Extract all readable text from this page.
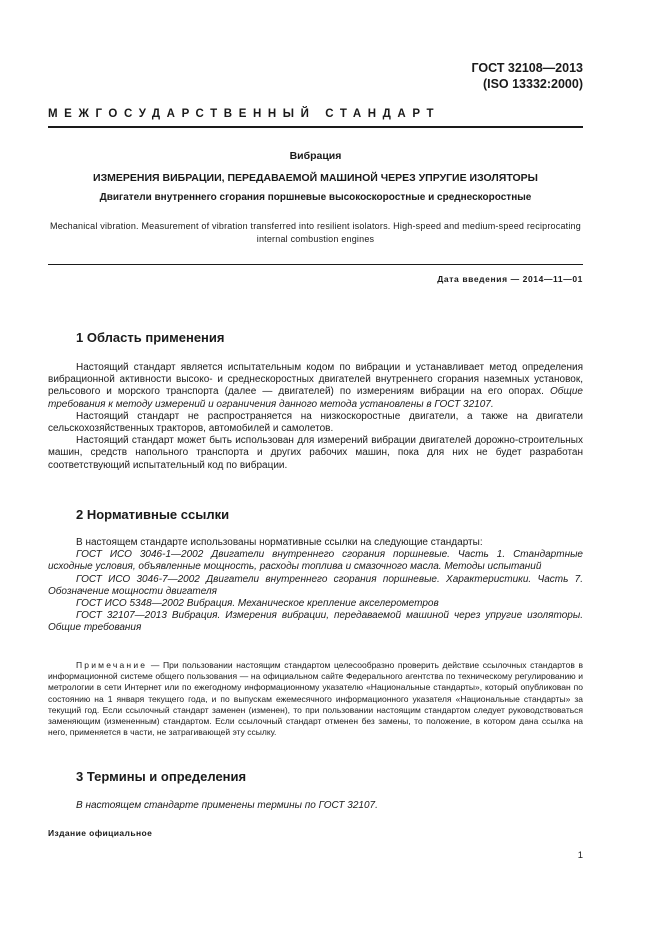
ГОСТ 32108—2013
(ISO 13332:2000)
МЕЖГОСУДАРСТВЕННЫЙ СТАНДАРТ
Вибрация
ИЗМЕРЕНИЯ ВИБРАЦИИ, ПЕРЕДАВАЕМОЙ МАШИНОЙ ЧЕРЕЗ УПРУГИЕ ИЗОЛЯТОРЫ
Двигатели внутреннего сгорания поршневые высокоскоростные и среднескоростные
Mechanical vibration. Measurement of vibration transferred into resilient isolators. High-speed and medium-speed reciprocating internal combustion engines
Дата введения — 2014—11—01
1 Область применения

Настоящий стандарт является испытательным кодом по вибрации и устанавливает метод определения вибрационной активности высоко- и среднескоростных двигателей внутреннего сгорания наземных установок, рельсового и морского транспорта (далее — двигателей) по измерениям вибрации на его опорах. Общие требования к методу измерений и ограничения данного метода установлены в ГОСТ 32107.

Настоящий стандарт не распространяется на низкоскоростные двигатели, а также на двигатели сельскохозяйственных тракторов, автомобилей и самолетов.

Настоящий стандарт может быть использован для измерений вибрации двигателей дорожно-строительных машин, средств напольного транспорта и других рабочих машин, пока для них не будет разработан соответствующий испытательный код по вибрации.

2 Нормативные ссылки

В настоящем стандарте использованы нормативные ссылки на следующие стандарты:

ГОСТ ИСО 3046-1—2002 Двигатели внутреннего сгорания поршневые. Часть 1. Стандартные исходные условия, объявленные мощность, расходы топлива и смазочного масла. Методы испытаний

ГОСТ ИСО 3046-7—2002 Двигатели внутреннего сгорания поршневые. Характеристики. Часть 7. Обозначение мощности двигателя

ГОСТ ИСО 5348—2002 Вибрация. Механическое крепление акселерометров

ГОСТ 32107—2013 Вибрация. Измерения вибрации, передаваемой машиной через упругие изоляторы. Общие требования

Примечание — При пользовании настоящим стандартом целесообразно проверить действие ссылочных стандартов в информационной системе общего пользования — на официальном сайте Федерального агентства по техническому регулированию и метрологии в сети Интернет или по ежегодному информационному указателю «Национальные стандарты», который опубликован по состоянию на 1 января текущего года, и по выпускам ежемесячного информационного указателя «Национальные стандарты» за текущий год. Если ссылочный стандарт заменен (изменен), то при пользовании настоящим стандартом следует руководствоваться заменяющим (измененным) стандартом. Если ссылочный стандарт отменен без замены, то положение, в котором дана ссылка на него, применяется в части, не затрагивающей эту ссылку.

3 Термины и определения

В настоящем стандарте применены термины по ГОСТ 32107.

Издание официальное
1
